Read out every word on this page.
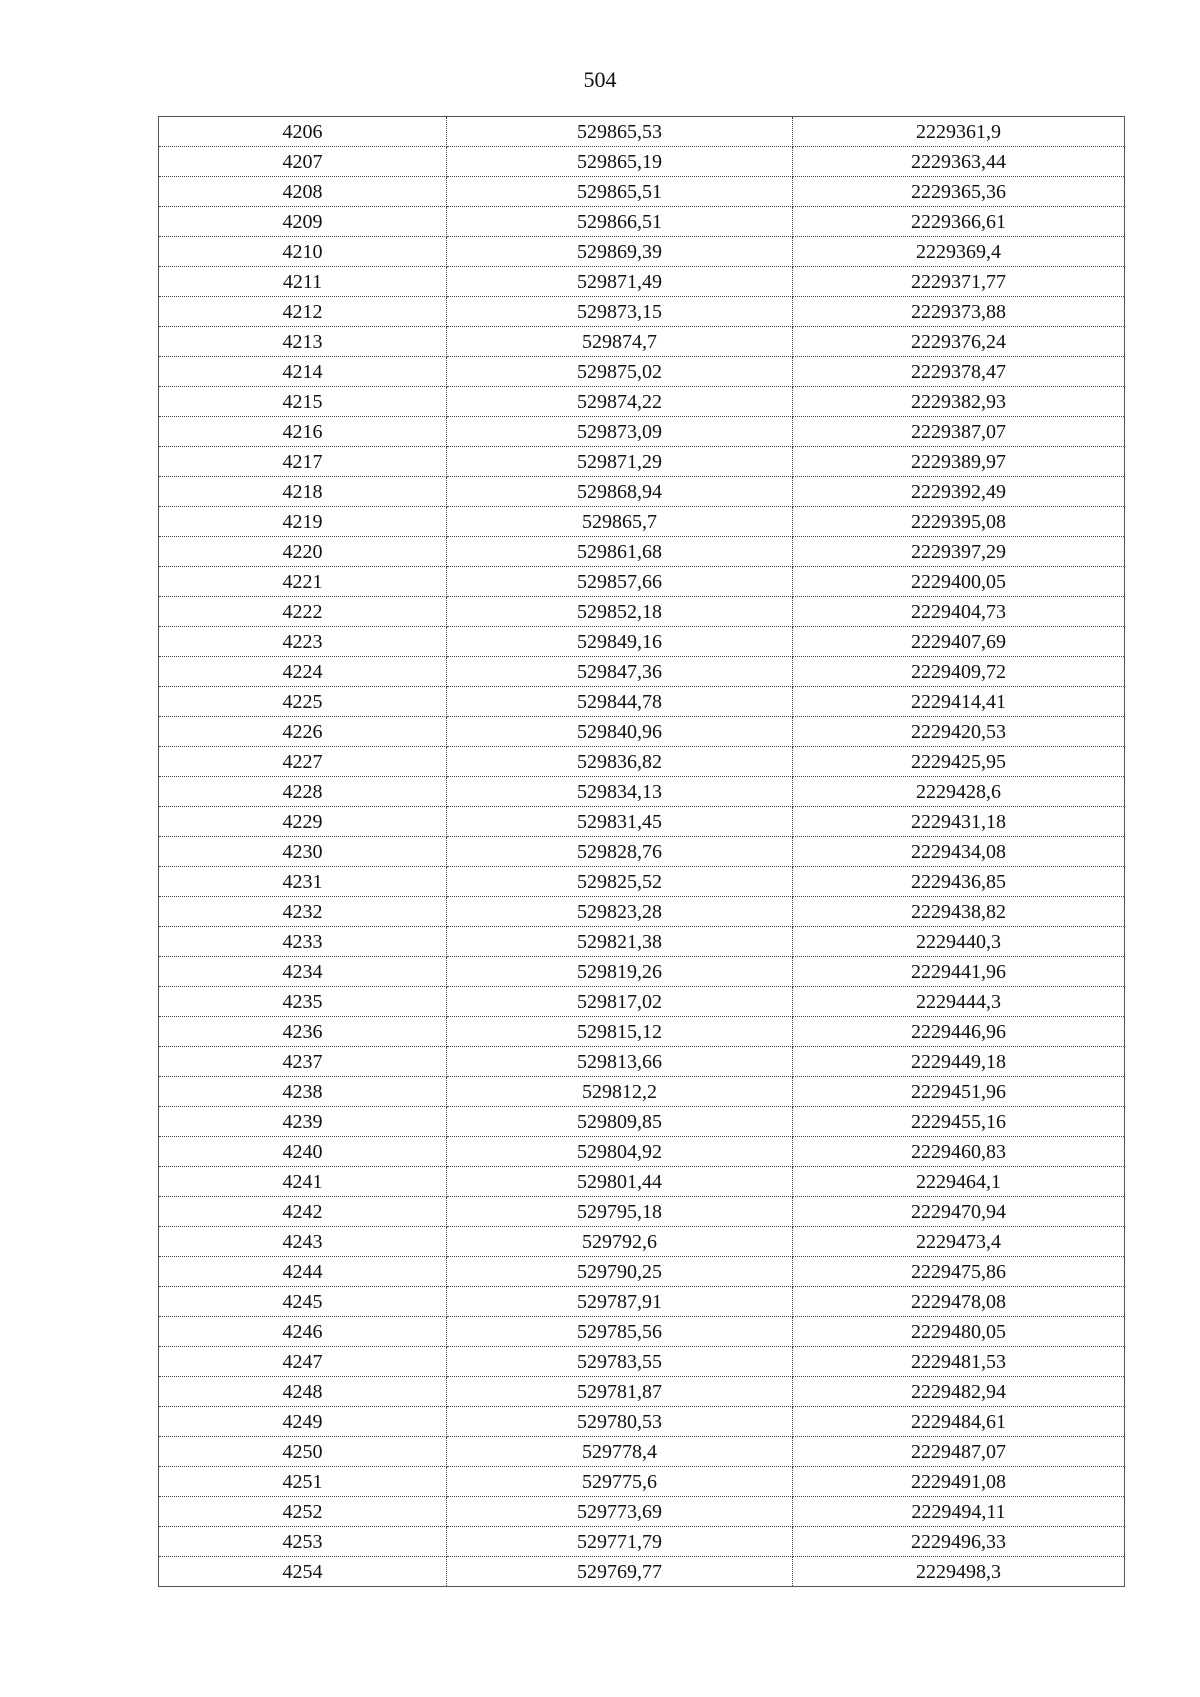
504
4206	529865,53	2229361,9
4207	529865,19	2229363,44
4208	529865,51	2229365,36
4209	529866,51	2229366,61
4210	529869,39	2229369,4
4211	529871,49	2229371,77
4212	529873,15	2229373,88
4213	529874,7	2229376,24
4214	529875,02	2229378,47
4215	529874,22	2229382,93
4216	529873,09	2229387,07
4217	529871,29	2229389,97
4218	529868,94	2229392,49
4219	529865,7	2229395,08
4220	529861,68	2229397,29
4221	529857,66	2229400,05
4222	529852,18	2229404,73
4223	529849,16	2229407,69
4224	529847,36	2229409,72
4225	529844,78	2229414,41
4226	529840,96	2229420,53
4227	529836,82	2229425,95
4228	529834,13	2229428,6
4229	529831,45	2229431,18
4230	529828,76	2229434,08
4231	529825,52	2229436,85
4232	529823,28	2229438,82
4233	529821,38	2229440,3
4234	529819,26	2229441,96
4235	529817,02	2229444,3
4236	529815,12	2229446,96
4237	529813,66	2229449,18
4238	529812,2	2229451,96
4239	529809,85	2229455,16
4240	529804,92	2229460,83
4241	529801,44	2229464,1
4242	529795,18	2229470,94
4243	529792,6	2229473,4
4244	529790,25	2229475,86
4245	529787,91	2229478,08
4246	529785,56	2229480,05
4247	529783,55	2229481,53
4248	529781,87	2229482,94
4249	529780,53	2229484,61
4250	529778,4	2229487,07
4251	529775,6	2229491,08
4252	529773,69	2229494,11
4253	529771,79	2229496,33
4254	529769,77	2229498,3
